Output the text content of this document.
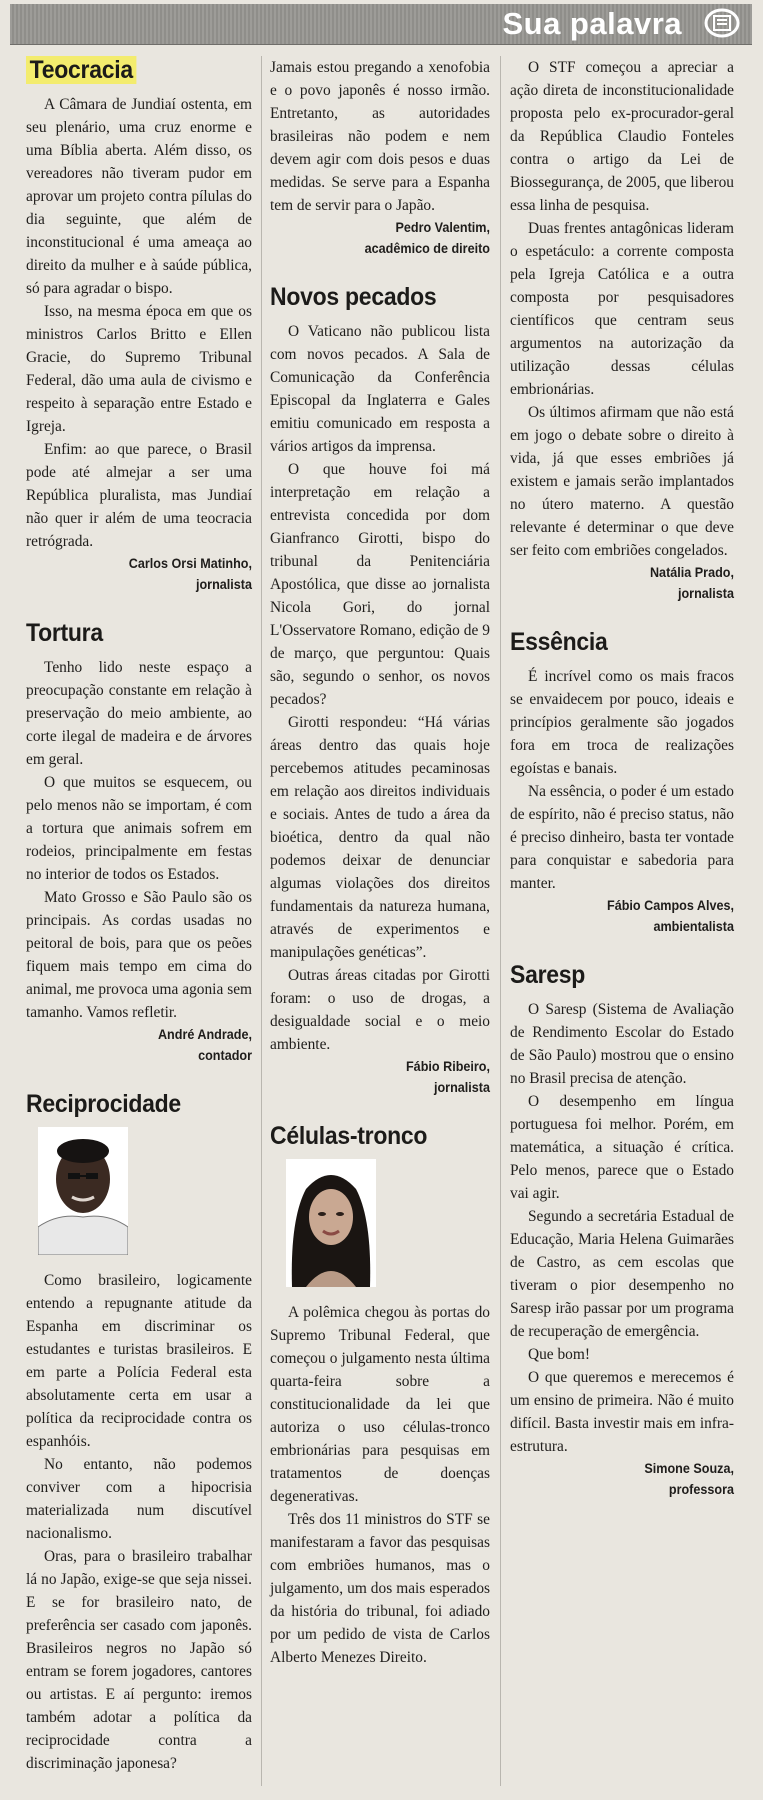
Sua palavra
Teocracia

A Câmara de Jundiaí ostenta, em seu plenário, uma cruz enorme e uma Bíblia aberta. Além disso, os vereadores não tiveram pudor em aprovar um projeto contra pílulas do dia seguinte, que além de inconstitucional é uma ameaça ao direito da mulher e à saúde pública, só para agradar o bispo.

Isso, na mesma época em que os ministros Carlos Britto e Ellen Gracie, do Supremo Tribunal Federal, dão uma aula de civismo e respeito à separação entre Estado e Igreja.

Enfim: ao que parece, o Brasil pode até almejar a ser uma República pluralista, mas Jundiaí não quer ir além de uma teocracia retrógrada.

Carlos Orsi Matinho,
jornalista
Tortura

Tenho lido neste espaço a preocupação constante em relação à preservação do meio ambiente, ao corte ilegal de madeira e de árvores em geral.

O que muitos se esquecem, ou pelo menos não se importam, é com a tortura que animais sofrem em rodeios, principalmente em festas no interior de todos os Estados.

Mato Grosso e São Paulo são os principais. As cordas usadas no peitoral de bois, para que os peões fiquem mais tempo em cima do animal, me provoca uma agonia sem tamanho. Vamos refletir.

André Andrade,
contador
Reciprocidade

Como brasileiro, logicamente entendo a repugnante atitude da Espanha em discriminar os estudantes e turistas brasileiros. E em parte a Polícia Federal esta absolutamente certa em usar a política da reciprocidade contra os espanhóis.

No entanto, não podemos conviver com a hipocrisia materializada num discutível nacionalismo.

Oras, para o brasileiro trabalhar lá no Japão, exige-se que seja nissei. E se for brasileiro nato, de preferência ser casado com japonês. Brasileiros negros no Japão só entram se forem jogadores, cantores ou artistas. E aí pergunto: iremos também adotar a política da reciprocidade contra a discriminação japonesa?

Jamais estou pregando a xenofobia e o povo japonês é nosso irmão. Entretanto, as autoridades brasileiras não podem e nem devem agir com dois pesos e duas medidas. Se serve para a Espanha tem de servir para o Japão.

Pedro Valentim,
acadêmico de direito
Novos pecados

O Vaticano não publicou lista com novos pecados. A Sala de Comunicação da Conferência Episcopal da Inglaterra e Gales emitiu comunicado em resposta a vários artigos da imprensa.

O que houve foi má interpretação em relação a entrevista concedida por dom Gianfranco Girotti, bispo do tribunal da Penitenciária Apostólica, que disse ao jornalista Nicola Gori, do jornal L'Osservatore Romano, edição de 9 de março, que perguntou: Quais são, segundo o senhor, os novos pecados?

Girotti respondeu: “Há várias áreas dentro das quais hoje percebemos atitudes pecaminosas em relação aos direitos individuais e sociais. Antes de tudo a área da bioética, dentro da qual não podemos deixar de denunciar algumas violações dos direitos fundamentais da natureza humana, através de experimentos e manipulações genéticas”.

Outras áreas citadas por Girotti foram: o uso de drogas, a desigualdade social e o meio ambiente.

Fábio Ribeiro,
jornalista
Células-tronco

A polêmica chegou às portas do Supremo Tribunal Federal, que começou o julgamento nesta última quarta-feira sobre a constitucionalidade da lei que autoriza o uso células-tronco embrionárias para pesquisas em tratamentos de doenças degenerativas.

Três dos 11 ministros do STF se manifestaram a favor das pesquisas com embriões humanos, mas o julgamento, um dos mais esperados da história do tribunal, foi adiado por um pedido de vista de Carlos Alberto Menezes Direito.

O STF começou a apreciar a ação direta de inconstitucionalidade proposta pelo ex-procurador-geral da República Claudio Fonteles contra o artigo da Lei de Biossegurança, de 2005, que liberou essa linha de pesquisa.

Duas frentes antagônicas lideram o espetáculo: a corrente composta pela Igreja Católica e a outra composta por pesquisadores científicos que centram seus argumentos na autorização da utilização dessas células embrionárias.

Os últimos afirmam que não está em jogo o debate sobre o direito à vida, já que esses embriões já existem e jamais serão implantados no útero materno. A questão relevante é determinar o que deve ser feito com embriões congelados.

Natália Prado,
jornalista
Essência

É incrível como os mais fracos se envaidecem por pouco, ideais e princípios geralmente são jogados fora em troca de realizações egoístas e banais.

Na essência, o poder é um estado de espírito, não é preciso status, não é preciso dinheiro, basta ter vontade para conquistar e sabedoria para manter.

Fábio Campos Alves,
ambientalista
Saresp

O Saresp (Sistema de Avaliação de Rendimento Escolar do Estado de São Paulo) mostrou que o ensino no Brasil precisa de atenção.

O desempenho em língua portuguesa foi melhor. Porém, em matemática, a situação é crítica. Pelo menos, parece que o Estado vai agir.

Segundo a secretária Estadual de Educação, Maria Helena Guimarães de Castro, as cem escolas que tiveram o pior desempenho no Saresp irão passar por um programa de recuperação de emergência.

Que bom!

O que queremos e merecemos é um ensino de primeira. Não é muito difícil. Basta investir mais em infra-estrutura.

Simone Souza,
professora
